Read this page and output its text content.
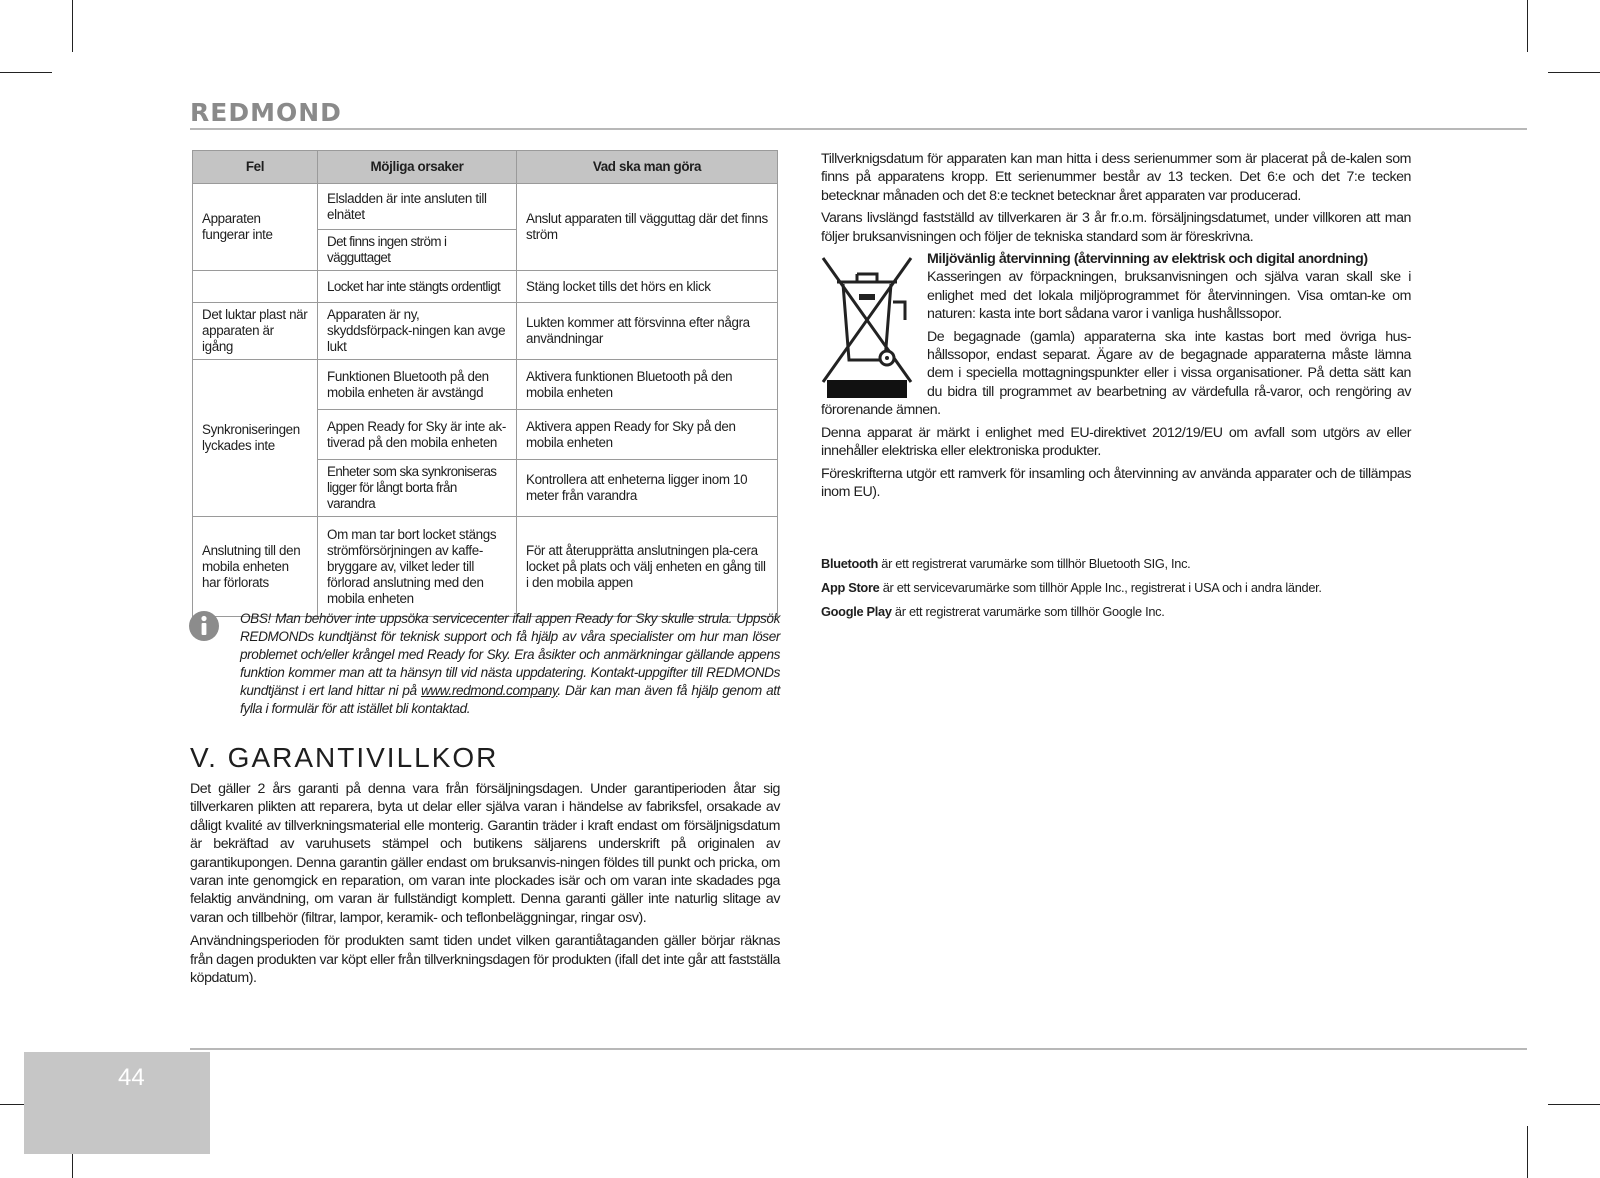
REDMOND
Fel	Möjliga orsaker	Vad ska man göra
Apparaten fungerar inte	Elsladden är inte ansluten till elnätet	Anslut apparaten till vägguttag där det finns ström
	Det finns ingen ström i vägguttaget	
	Locket har inte stängts ordentligt	Stäng locket tills det hörs en klick
Det luktar plast när apparaten är igång	Apparaten är ny, skyddsförpack-ningen kan avge lukt	Lukten kommer att försvinna efter några användningar
Synkroniseringen lyckades inte	Funktionen Bluetooth på den mobila enheten är avstängd	Aktivera funktionen Bluetooth på den mobila enheten
	Appen Ready for Sky är inte ak-tiverad på den mobila enheten	Aktivera appen Ready for Sky på den mobila enheten
	Enheter som ska synkroniseras ligger för långt borta från varandra	Kontrollera att enheterna ligger inom 10 meter från varandra
Anslutning till den mobila enheten har förlorats	Om man tar bort locket stängs strömförsörjningen av kaffe-bryggare av, vilket leder till förlorad anslutning med den mobila enheten	För att återupprätta anslutningen pla-cera locket på plats och välj enheten en gång till i den mobila appen
OBS! Man behöver inte uppsöka servicecenter ifall appen Ready for Sky skulle strula. Uppsök REDMONDs kundtjänst för teknisk support och få hjälp av våra specialister om hur man löser problemet och/eller krångel med Ready for Sky. Era åsikter och anmärkningar gällande appens funktion kommer man att ta hänsyn till vid nästa uppdatering. Kontakt-uppgifter till REDMONDs kundtjänst i ert land hittar ni på www.redmond.company. Där kan man även få hjälp genom att fylla i formulär för att istället bli kontaktad.
V. GARANTIVILLKOR

Det gäller 2 års garanti på denna vara från försäljningsdagen. Under garantiperioden åtar sig tillverkaren plikten att reparera, byta ut delar eller själva varan i händelse av fabriksfel, orsakade av dåligt kvalité av tillverkningsmaterial elle monterig. Garantin träder i kraft endast om försäljnigsdatum är bekräftad av varuhusets stämpel och butikens säljarens underskrift på originalen av garantikupongen. Denna garantin gäller endast om bruksanvis-ningen földes till punkt och pricka, om varan inte genomgick en reparation, om varan inte plockades isär och om varan inte skadades pga felaktig användning, om varan är fullständigt komplett. Denna garanti gäller inte naturlig slitage av varan och tillbehör (filtrar, lampor, keramik- och teflonbeläggningar, ringar osv).

Användningsperioden för produkten samt tiden undet vilken garantiåtaganden gäller börjar räknas från dagen produkten var köpt eller från tillverkningsdagen för produkten (ifall det inte går att fastställa köpdatum).

Tillverknigsdatum för apparaten kan man hitta i dess serienummer som är placerat på de-kalen som finns på apparatens kropp. Ett serienummer består av 13 tecken. Det 6:e och det 7:e tecken betecknar månaden och det 8:e tecknet betecknar året apparaten var producerad.

Varans livslängd fastställd av tillverkaren är 3 år fr.o.m. försäljningsdatumet, under villkoren att man följer bruksanvisningen och följer de tekniska standard som är föreskrivna.

Miljövänlig återvinning (återvinning av elektrisk och digital anordning)
Kasseringen av förpackningen, bruksanvisningen och själva varan skall ske i enlighet med det lokala miljöprogrammet för återvinningen. Visa omtan-ke om naturen: kasta inte bort sådana varor i vanliga hushållssopor.

De begagnade (gamla) apparaterna ska inte kastas bort med övriga hus-hållssopor, endast separat. Ägare av de begagnade apparaterna måste lämna dem i speciella mottagningspunkter eller i vissa organisationer. På detta sätt kan du bidra till programmet av bearbetning av värdefulla rå-varor, och rengöring av förorenande ämnen.

Denna apparat är märkt i enlighet med EU-direktivet 2012/19/ЕU om avfall som utgörs av eller innehåller elektriska eller elektroniska produkter.

Föreskrifterna utgör ett ramverk för insamling och återvinning av använda apparater och de tillämpas inom EU).

Bluetooth är ett registrerat varumärke som tillhör Bluetooth SIG, Inc.
App Store är ett servicevarumärke som tillhör Apple Inc., registrerat i USA och i andra länder.
Google Play är ett registrerat varumärke som tillhör Google Inc.
44
